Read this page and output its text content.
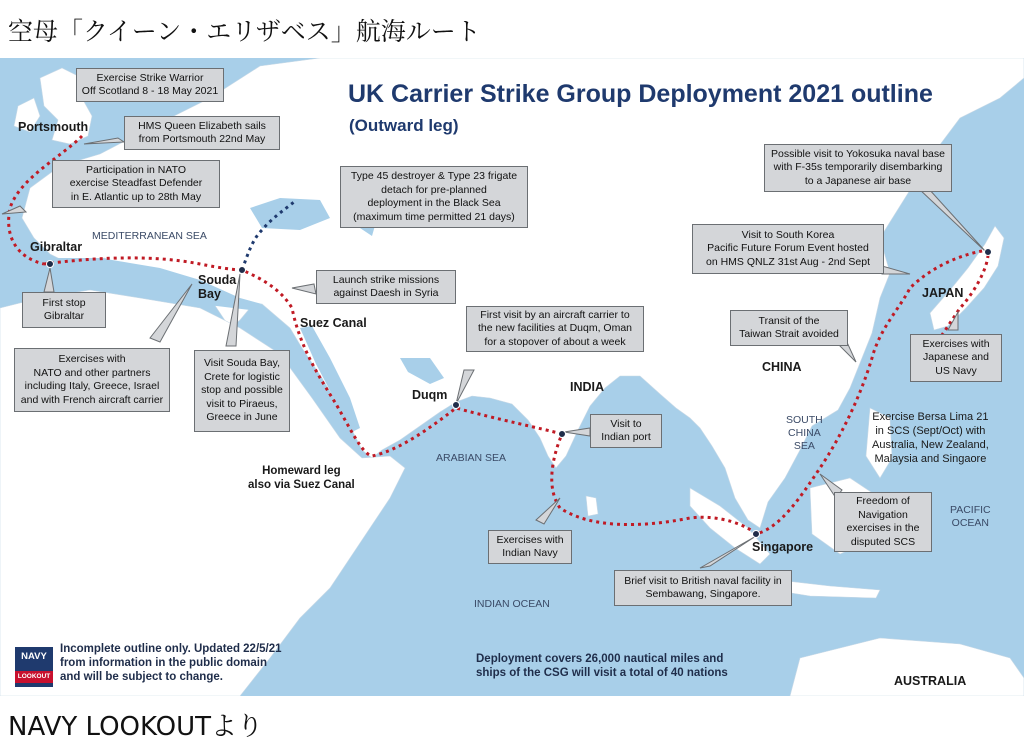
空母「クイーン・エリザベス」航海ルート
UK Carrier Strike Group Deployment 2021 outline
(Outward leg)
Portsmouth
Gibraltar
Souda
Bay
Suez Canal
Duqm
Singapore
INDIA
CHINA
JAPAN
AUSTRALIA
MEDITERRANEAN SEA
ARABIAN SEA
INDIAN OCEAN
SOUTH
CHINA
SEA
PACIFIC
OCEAN
Exercise Strike Warrior
Off Scotland 8 - 18 May 2021
HMS Queen Elizabeth sails
from Portsmouth 22nd May
Participation in NATO
exercise Steadfast Defender
in E. Atlantic up to 28th May
Type 45 destroyer & Type 23 frigate
detach for pre-planned
deployment in the Black Sea
(maximum time permitted 21 days)
Launch strike missions
against Daesh in Syria
First stop
Gibraltar
Exercises with
NATO and other partners
including Italy, Greece, Israel
and with French aircraft carrier
Visit Souda Bay,
Crete for logistic
stop and possible
visit to Piraeus,
Greece in June
First visit by an aircraft carrier to
the new facilities at Duqm, Oman
for a stopover of about a week
Visit to
Indian port
Exercises with
Indian Navy
Brief visit to British naval facility in
Sembawang, Singapore.
Freedom of
Navigation
exercises in the
disputed SCS
Transit of the
Taiwan Strait avoided
Visit to South Korea
Pacific Future Forum Event hosted
on HMS QNLZ 31st Aug - 2nd Sept
Possible visit to Yokosuka naval base
with F-35s temporarily disembarking
to a Japanese air base
Exercises with
Japanese and
US Navy
Exercise Bersa Lima 21
in SCS (Sept/Oct) with
Australia, New Zealand,
Malaysia and Singaore
Homeward leg
also via Suez Canal
NAVY
LOOKOUT
Incomplete outline only. Updated 22/5/21
from information in the public domain
and will be subject to change.
Deployment covers 26,000 nautical miles and
ships of the CSG will visit a total of 40 nations
NAVY LOOKOUTより
